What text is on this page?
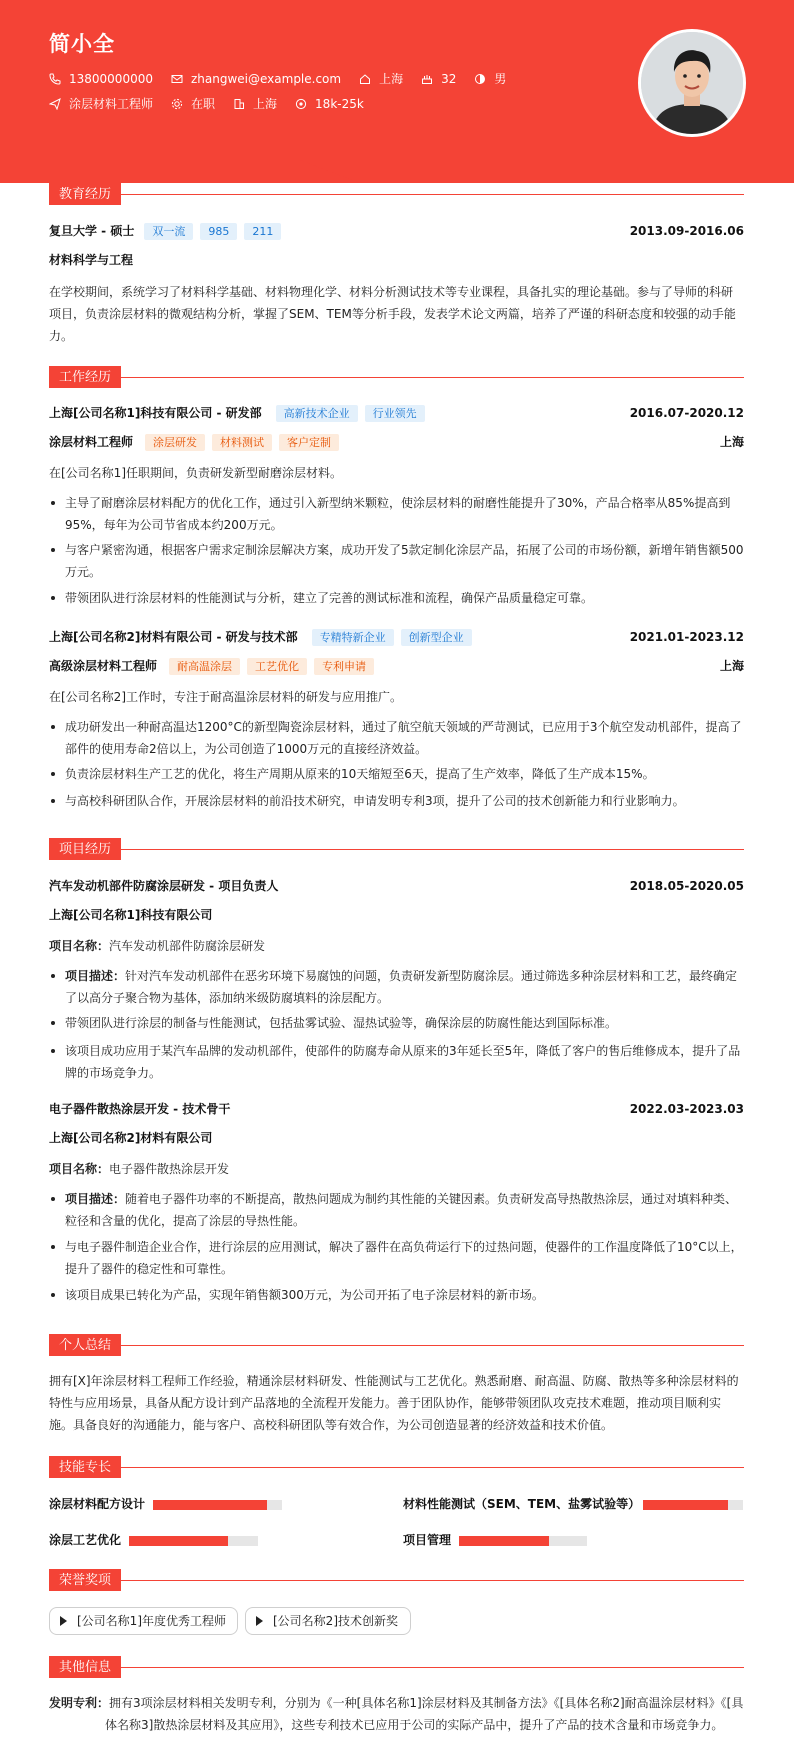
简小全
13800000000	zhangwei@example.com	上海	32	男
涂层材料工程师	在职	上海	18k-25k
教育经历
复旦大学 - 硕士	双一流	985	211	2013.09-2016.06
材料科学与工程
在学校期间，系统学习了材料科学基础、材料物理化学、材料分析测试技术等专业课程，具备扎实的理论基础。参与了导师的科研项目，负责涂层材料的微观结构分析，掌握了SEM、TEM等分析手段，发表学术论文两篇，培养了严谨的科研态度和较强的动手能力。
工作经历
上海[公司名称1]科技有限公司 - 研发部	高新技术企业	行业领先	2016.07-2020.12
涂层材料工程师	涂层研发	材料测试	客户定制	上海
在[公司名称1]任职期间，负责研发新型耐磨涂层材料。
主导了耐磨涂层材料配方的优化工作，通过引入新型纳米颗粒，使涂层材料的耐磨性能提升了30%，产品合格率从85%提高到95%，每年为公司节省成本约200万元。
与客户紧密沟通，根据客户需求定制涂层解决方案，成功开发了5款定制化涂层产品，拓展了公司的市场份额，新增年销售额500万元。
带领团队进行涂层材料的性能测试与分析，建立了完善的测试标准和流程，确保产品质量稳定可靠。
上海[公司名称2]材料有限公司 - 研发与技术部	专精特新企业	创新型企业	2021.01-2023.12
高级涂层材料工程师	耐高温涂层	工艺优化	专利申请	上海
在[公司名称2]工作时，专注于耐高温涂层材料的研发与应用推广。
成功研发出一种耐高温达1200°C的新型陶瓷涂层材料，通过了航空航天领域的严苛测试，已应用于3个航空发动机部件，提高了部件的使用寿命2倍以上，为公司创造了1000万元的直接经济效益。
负责涂层材料生产工艺的优化，将生产周期从原来的10天缩短至6天，提高了生产效率，降低了生产成本15%。
与高校科研团队合作，开展涂层材料的前沿技术研究，申请发明专利3项，提升了公司的技术创新能力和行业影响力。
项目经历
汽车发动机部件防腐涂层研发 - 项目负责人	2018.05-2020.05
上海[公司名称1]科技有限公司
项目名称：汽车发动机部件防腐涂层研发
项目描述：针对汽车发动机部件在恶劣环境下易腐蚀的问题，负责研发新型防腐涂层。通过筛选多种涂层材料和工艺，最终确定了以高分子聚合物为基体，添加纳米级防腐填料的涂层配方。
带领团队进行涂层的制备与性能测试，包括盐雾试验、湿热试验等，确保涂层的防腐性能达到国际标准。
该项目成功应用于某汽车品牌的发动机部件，使部件的防腐寿命从原来的3年延长至5年，降低了客户的售后维修成本，提升了品牌的市场竞争力。
电子器件散热涂层开发 - 技术骨干	2022.03-2023.03
上海[公司名称2]材料有限公司
项目名称：电子器件散热涂层开发
项目描述：随着电子器件功率的不断提高，散热问题成为制约其性能的关键因素。负责研发高导热散热涂层，通过对填料种类、粒径和含量的优化，提高了涂层的导热性能。
与电子器件制造企业合作，进行涂层的应用测试，解决了器件在高负荷运行下的过热问题，使器件的工作温度降低了10°C以上，提升了器件的稳定性和可靠性。
该项目成果已转化为产品，实现年销售额300万元，为公司开拓了电子涂层材料的新市场。
个人总结
拥有[X]年涂层材料工程师工作经验，精通涂层材料研发、性能测试与工艺优化。熟悉耐磨、耐高温、防腐、散热等多种涂层材料的特性与应用场景，具备从配方设计到产品落地的全流程开发能力。善于团队协作，能够带领团队攻克技术难题，推动项目顺利实施。具备良好的沟通能力，能与客户、高校科研团队等有效合作，为公司创造显著的经济效益和技术价值。
技能专长
涂层材料配方设计	材料性能测试（SEM、TEM、盐雾试验等）
涂层工艺优化	项目管理
荣誉奖项
[公司名称1]年度优秀工程师	[公司名称2]技术创新奖
其他信息
发明专利：拥有3项涂层材料相关发明专利，分别为《一种[具体名称1]涂层材料及其制备方法》《[具体名称2]耐高温涂层材料》《[具体名称3]散热涂层材料及其应用》，这些专利技术已应用于公司的实际产品中，提升了产品的技术含量和市场竞争力。
